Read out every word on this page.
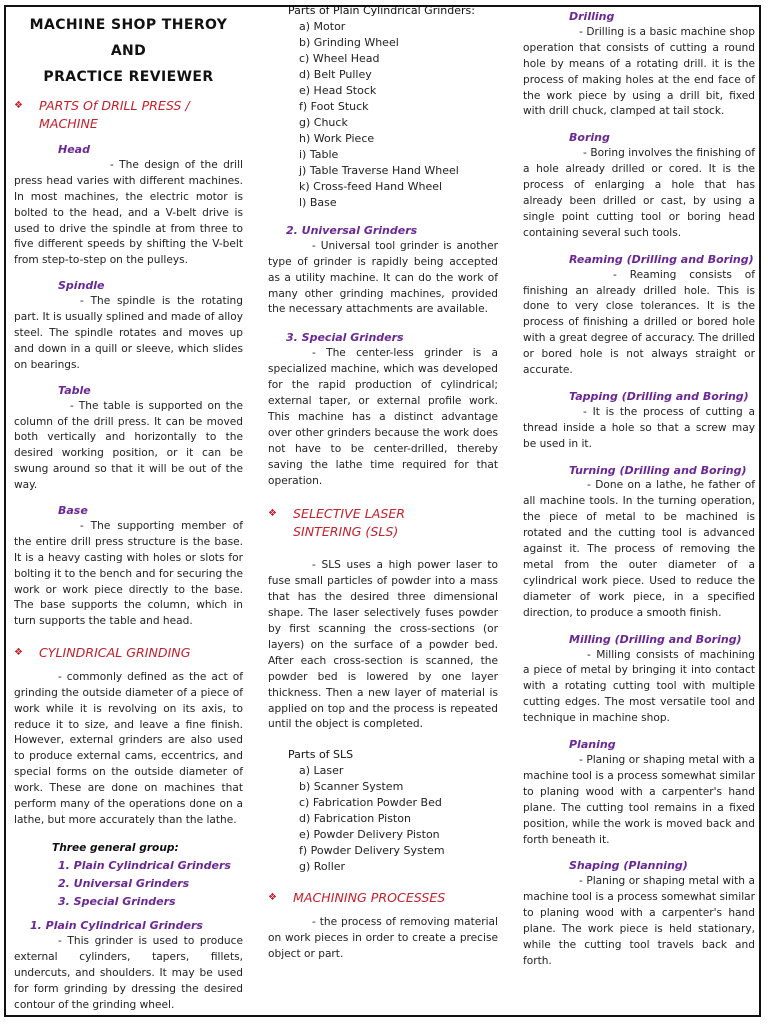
MACHINE SHOP THEROY AND
PRACTICE REVIEWER
❖	PARTS Of DRILL PRESS / MACHINE
Head

- The design of the drill press head varies with different machines. In most machines, the electric motor is bolted to the head, and a V-belt drive is used to drive the spindle at from three to five different speeds by shifting the V-belt from step-to-step on the pulleys.

Spindle

- The spindle is the rotating part. It is usually splined and made of alloy steel. The spindle rotates and moves up and down in a quill or sleeve, which slides on bearings.

Table

- The table is supported on the column of the drill press. It can be moved both vertically and horizontally to the desired working position, or it can be swung around so that it will be out of the way.

Base

- The supporting member of the entire drill press structure is the base. It is a heavy casting with holes or slots for bolting it to the bench and for securing the work or work piece directly to the base. The base supports the column, which in turn supports the table and head.

❖	CYLINDRICAL GRINDING

- commonly defined as the act of grinding the outside diameter of a piece of work while it is revolving on its axis, to reduce it to size, and leave a fine finish. However, external grinders are also used to produce external cams, eccentrics, and special forms on the outside diameter of work. These are done on machines that perform many of the operations done on a lathe, but more accurately than the lathe.

Three general group:
1. Plain Cylindrical Grinders
2. Universal Grinders
3. Special Grinders
1. Plain Cylindrical Grinders

- This grinder is used to produce external cylinders, tapers, fillets, undercuts, and shoulders. It may be used for form grinding by dressing the desired contour of the grinding wheel.

Parts of Plain Cylindrical Grinders:
a) Motor
b) Grinding Wheel
c) Wheel Head
d) Belt Pulley
e) Head Stock
f) Foot Stuck
g) Chuck
h) Work Piece
i) Table
j) Table Traverse Hand Wheel
k) Cross-feed Hand Wheel
l) Base
2. Universal Grinders

- Universal tool grinder is another type of grinder is rapidly being accepted as a utility machine. It can do the work of many other grinding machines, provided the necessary attachments are available.

3. Special Grinders

- The center-less grinder is a specialized machine, which was developed for the rapid production of cylindrical; external taper, or external profile work. This machine has a distinct advantage over other grinders because the work does not have to be center-drilled, thereby saving the lathe time required for that operation.

❖	SELECTIVE LASER SINTERING (SLS)

- SLS uses a high power laser to fuse small particles of powder into a mass that has the desired three dimensional shape. The laser selectively fuses powder by first scanning the cross-sections (or layers) on the surface of a powder bed. After each cross-section is scanned, the powder bed is lowered by one layer thickness. Then a new layer of material is applied on top and the process is repeated until the object is completed.

Parts of SLS
a) Laser
b) Scanner System
c) Fabrication Powder Bed
d) Fabrication Piston
e) Powder Delivery Piston
f) Powder Delivery System
g) Roller
❖	MACHINING PROCESSES

- the process of removing material on work pieces in order to create a precise object or part.

Drilling

- Drilling is a basic machine shop operation that consists of cutting a round hole by means of a rotating drill. it is the process of making holes at the end face of the work piece by using a drill bit, fixed with drill chuck, clamped at tail stock.

Boring

- Boring involves the finishing of a hole already drilled or cored. It is the process of enlarging a hole that has already been drilled or cast, by using a single point cutting tool or boring head containing several such tools.

Reaming (Drilling and Boring)

- Reaming consists of finishing an already drilled hole. This is done to very close tolerances. It is the process of finishing a drilled or bored hole with a great degree of accuracy. The drilled or bored hole is not always straight or accurate.

Tapping (Drilling and Boring)

- It is the process of cutting a thread inside a hole so that a screw may be used in it.

Turning (Drilling and Boring)

- Done on a lathe, he father of all machine tools. In the turning operation, the piece of metal to be machined is rotated and the cutting tool is advanced against it. The process of removing the metal from the outer diameter of a cylindrical work piece. Used to reduce the diameter of work piece, in a specified direction, to produce a smooth finish.

Milling (Drilling and Boring)

- Milling consists of machining a piece of metal by bringing it into contact with a rotating cutting tool with multiple cutting edges. The most versatile tool and technique in machine shop.

Planing

- Planing or shaping metal with a machine tool is a process somewhat similar to planing wood with a carpenter's hand plane. The cutting tool remains in a fixed position, while the work is moved back and forth beneath it.

Shaping (Planning)

- Planing or shaping metal with a machine tool is a process somewhat similar to planing wood with a carpenter's hand plane. The work piece is held stationary, while the cutting tool travels back and forth.
